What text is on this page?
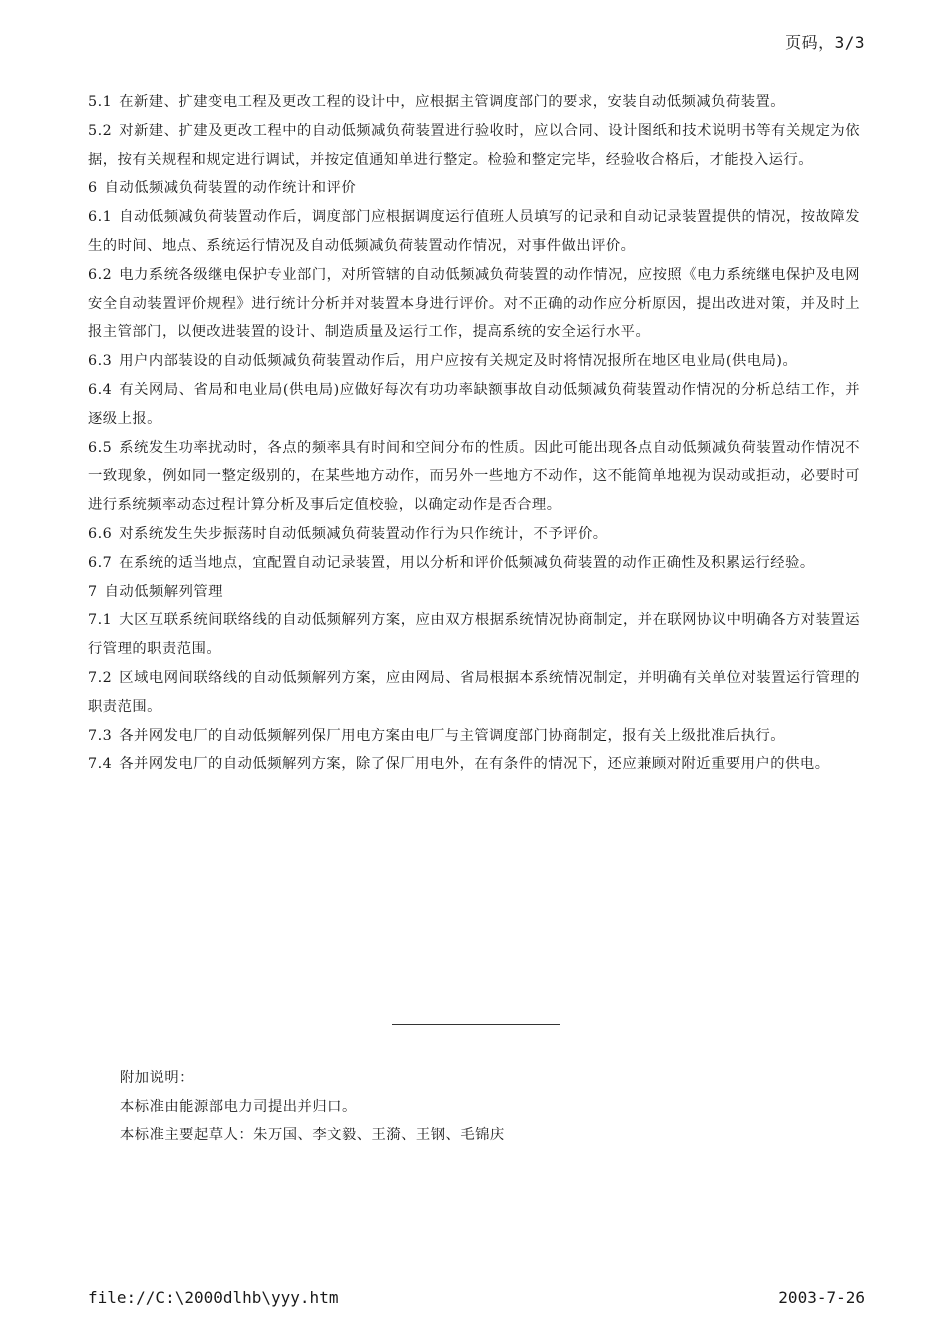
页码，3/3

5.1 在新建、扩建变电工程及更改工程的设计中，应根据主管调度部门的要求，安装自动低频减负荷装置。

5.2 对新建、扩建及更改工程中的自动低频减负荷装置进行验收时，应以合同、设计图纸和技术说明书等有关规定为依据，按有关规程和规定进行调试，并按定值通知单进行整定。检验和整定完毕，经验收合格后，才能投入运行。

6 自动低频减负荷装置的动作统计和评价

6.1 自动低频减负荷装置动作后，调度部门应根据调度运行值班人员填写的记录和自动记录装置提供的情况，按故障发生的时间、地点、系统运行情况及自动低频减负荷装置动作情况，对事件做出评价。

6.2 电力系统各级继电保护专业部门，对所管辖的自动低频减负荷装置的动作情况，应按照《电力系统继电保护及电网安全自动装置评价规程》进行统计分析并对装置本身进行评价。对不正确的动作应分析原因，提出改进对策，并及时上报主管部门，以便改进装置的设计、制造质量及运行工作，提高系统的安全运行水平。

6.3 用户内部装设的自动低频减负荷装置动作后，用户应按有关规定及时将情况报所在地区电业局(供电局)。

6.4 有关网局、省局和电业局(供电局)应做好每次有功功率缺额事故自动低频减负荷装置动作情况的分析总结工作，并逐级上报。

6.5 系统发生功率扰动时，各点的频率具有时间和空间分布的性质。因此可能出现各点自动低频减负荷装置动作情况不一致现象，例如同一整定级别的，在某些地方动作，而另外一些地方不动作，这不能简单地视为误动或拒动，必要时可进行系统频率动态过程计算分析及事后定值校验，以确定动作是否合理。

6.6 对系统发生失步振荡时自动低频减负荷装置动作行为只作统计，不予评价。

6.7 在系统的适当地点，宜配置自动记录装置，用以分析和评价低频减负荷装置的动作正确性及积累运行经验。

7 自动低频解列管理

7.1 大区互联系统间联络线的自动低频解列方案，应由双方根据系统情况协商制定，并在联网协议中明确各方对装置运行管理的职责范围。

7.2 区域电网间联络线的自动低频解列方案，应由网局、省局根据本系统情况制定，并明确有关单位对装置运行管理的职责范围。

7.3 各并网发电厂的自动低频解列保厂用电方案由电厂与主管调度部门协商制定，报有关上级批准后执行。

7.4 各并网发电厂的自动低频解列方案，除了保厂用电外，在有条件的情况下，还应兼顾对附近重要用户的供电。

附加说明：

本标准由能源部电力司提出并归口。

本标准主要起草人：朱万国、李文毅、王漪、王钢、毛锦庆

file://C:\2000dlhb\yyy.htm	2003-7-26
